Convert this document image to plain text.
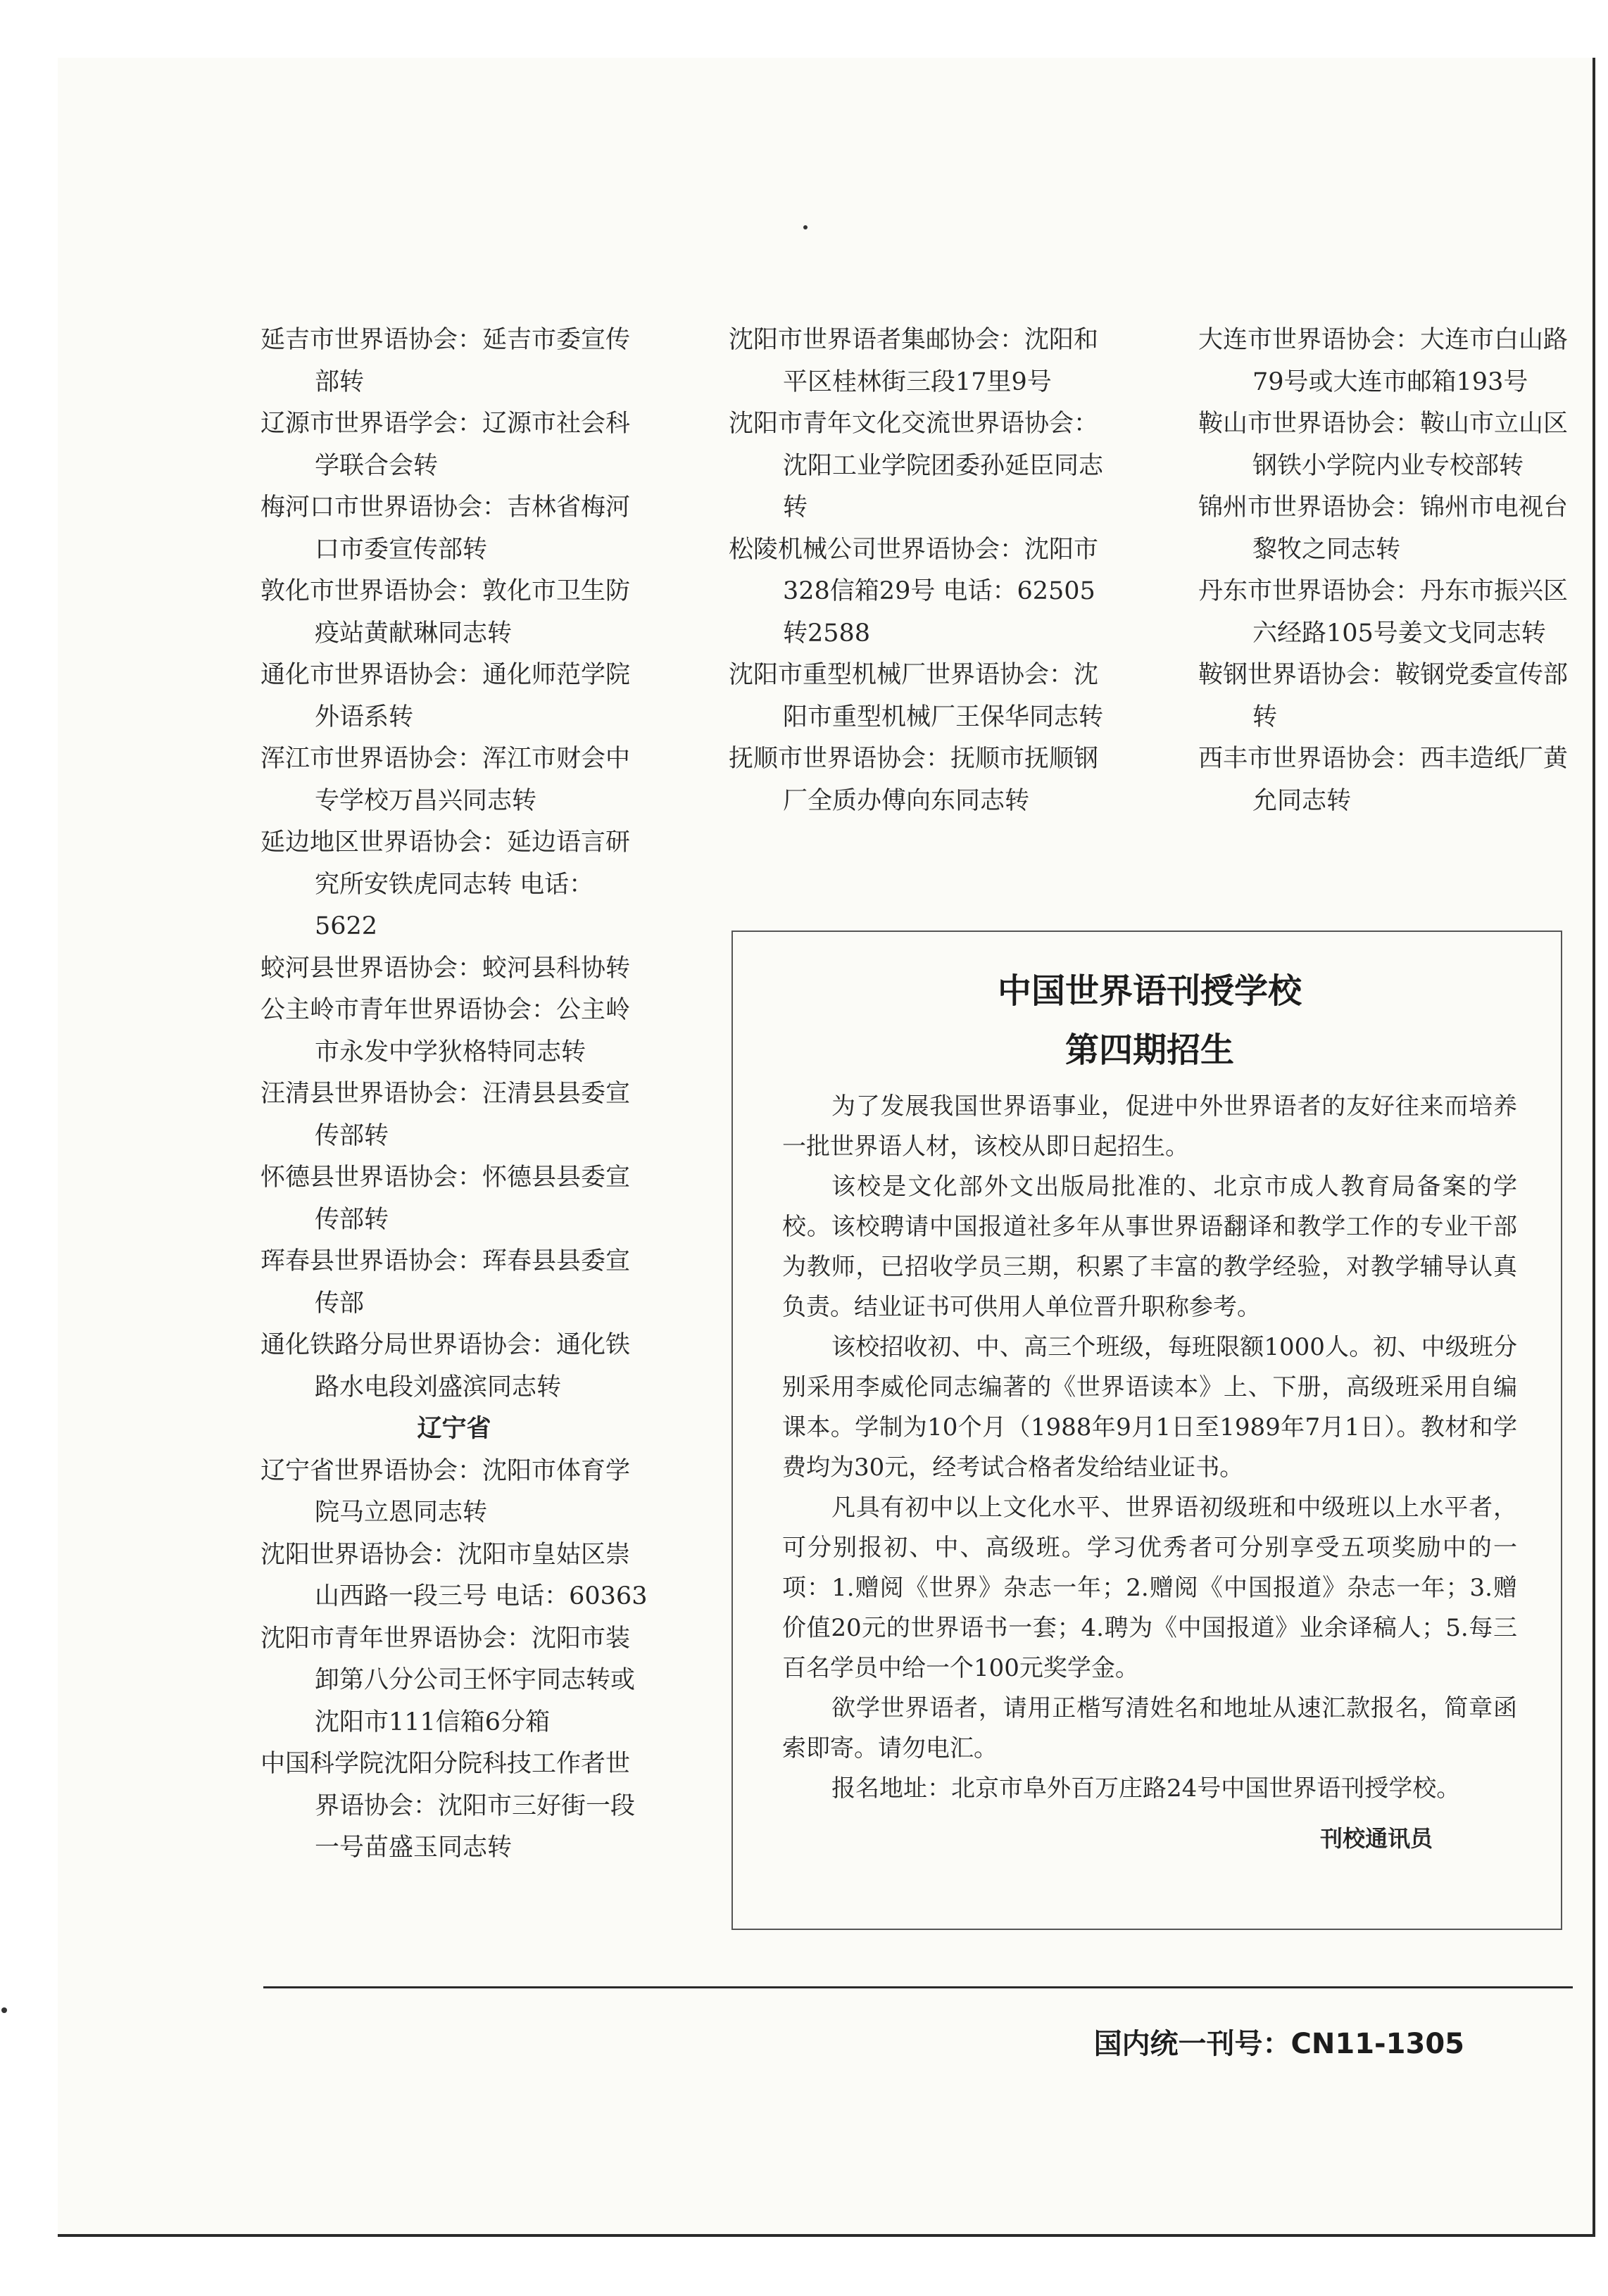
延吉市世界语协会：延吉市委宣传部转
辽源市世界语学会：辽源市社会科学联合会转
梅河口市世界语协会：吉林省梅河口市委宣传部转
敦化市世界语协会：敦化市卫生防疫站黄献琳同志转
通化市世界语协会：通化师范学院外语系转
浑江市世界语协会：浑江市财会中专学校万昌兴同志转
延边地区世界语协会：延边语言研究所安铁虎同志转 电话：5622
蛟河县世界语协会：蛟河县科协转
公主岭市青年世界语协会：公主岭市永发中学狄格特同志转
汪清县世界语协会：汪清县县委宣传部转
怀德县世界语协会：怀德县县委宣传部转
珲春县世界语协会：珲春县县委宣传部
通化铁路分局世界语协会：通化铁路水电段刘盛滨同志转
辽宁省
辽宁省世界语协会：沈阳市体育学院马立恩同志转
沈阳世界语协会：沈阳市皇姑区崇山西路一段三号 电话：60363
沈阳市青年世界语协会：沈阳市装卸第八分公司王怀宇同志转或沈阳市111信箱6分箱
中国科学院沈阳分院科技工作者世界语协会：沈阳市三好街一段一号苗盛玉同志转
沈阳市世界语者集邮协会：沈阳和平区桂林街三段17里9号
沈阳市青年文化交流世界语协会：沈阳工业学院团委孙延臣同志转
松陵机械公司世界语协会：沈阳市328信箱29号 电话：62505转2588
沈阳市重型机械厂世界语协会：沈阳市重型机械厂王保华同志转
抚顺市世界语协会：抚顺市抚顺钢厂全质办傅向东同志转
大连市世界语协会：大连市白山路79号或大连市邮箱193号
鞍山市世界语协会：鞍山市立山区钢铁小学院内业专校部转
锦州市世界语协会：锦州市电视台黎牧之同志转
丹东市世界语协会：丹东市振兴区六经路105号姜文戈同志转
鞍钢世界语协会：鞍钢党委宣传部转
西丰市世界语协会：西丰造纸厂黄允同志转
中国世界语刊授学校
第四期招生

为了发展我国世界语事业，促进中外世界语者的友好往来而培养一批世界语人材，该校从即日起招生。

该校是文化部外文出版局批准的、北京市成人教育局备案的学校。该校聘请中国报道社多年从事世界语翻译和教学工作的专业干部为教师，已招收学员三期，积累了丰富的教学经验，对教学辅导认真负责。结业证书可供用人单位晋升职称参考。

该校招收初、中、高三个班级，每班限额1000人。初、中级班分别采用李威伦同志编著的《世界语读本》上、下册，高级班采用自编课本。学制为10个月（1988年9月1日至1989年7月1日）。教材和学费均为30元，经考试合格者发给结业证书。

凡具有初中以上文化水平、世界语初级班和中级班以上水平者，可分别报初、中、高级班。学习优秀者可分别享受五项奖励中的一项：1.赠阅《世界》杂志一年；2.赠阅《中国报道》杂志一年；3.赠价值20元的世界语书一套；4.聘为《中国报道》业余译稿人；5.每三百名学员中给一个100元奖学金。

欲学世界语者，请用正楷写清姓名和地址从速汇款报名，简章函索即寄。请勿电汇。

报名地址：北京市阜外百万庄路24号中国世界语刊授学校。

刊校通讯员
国内统一刊号：CN11-1305
